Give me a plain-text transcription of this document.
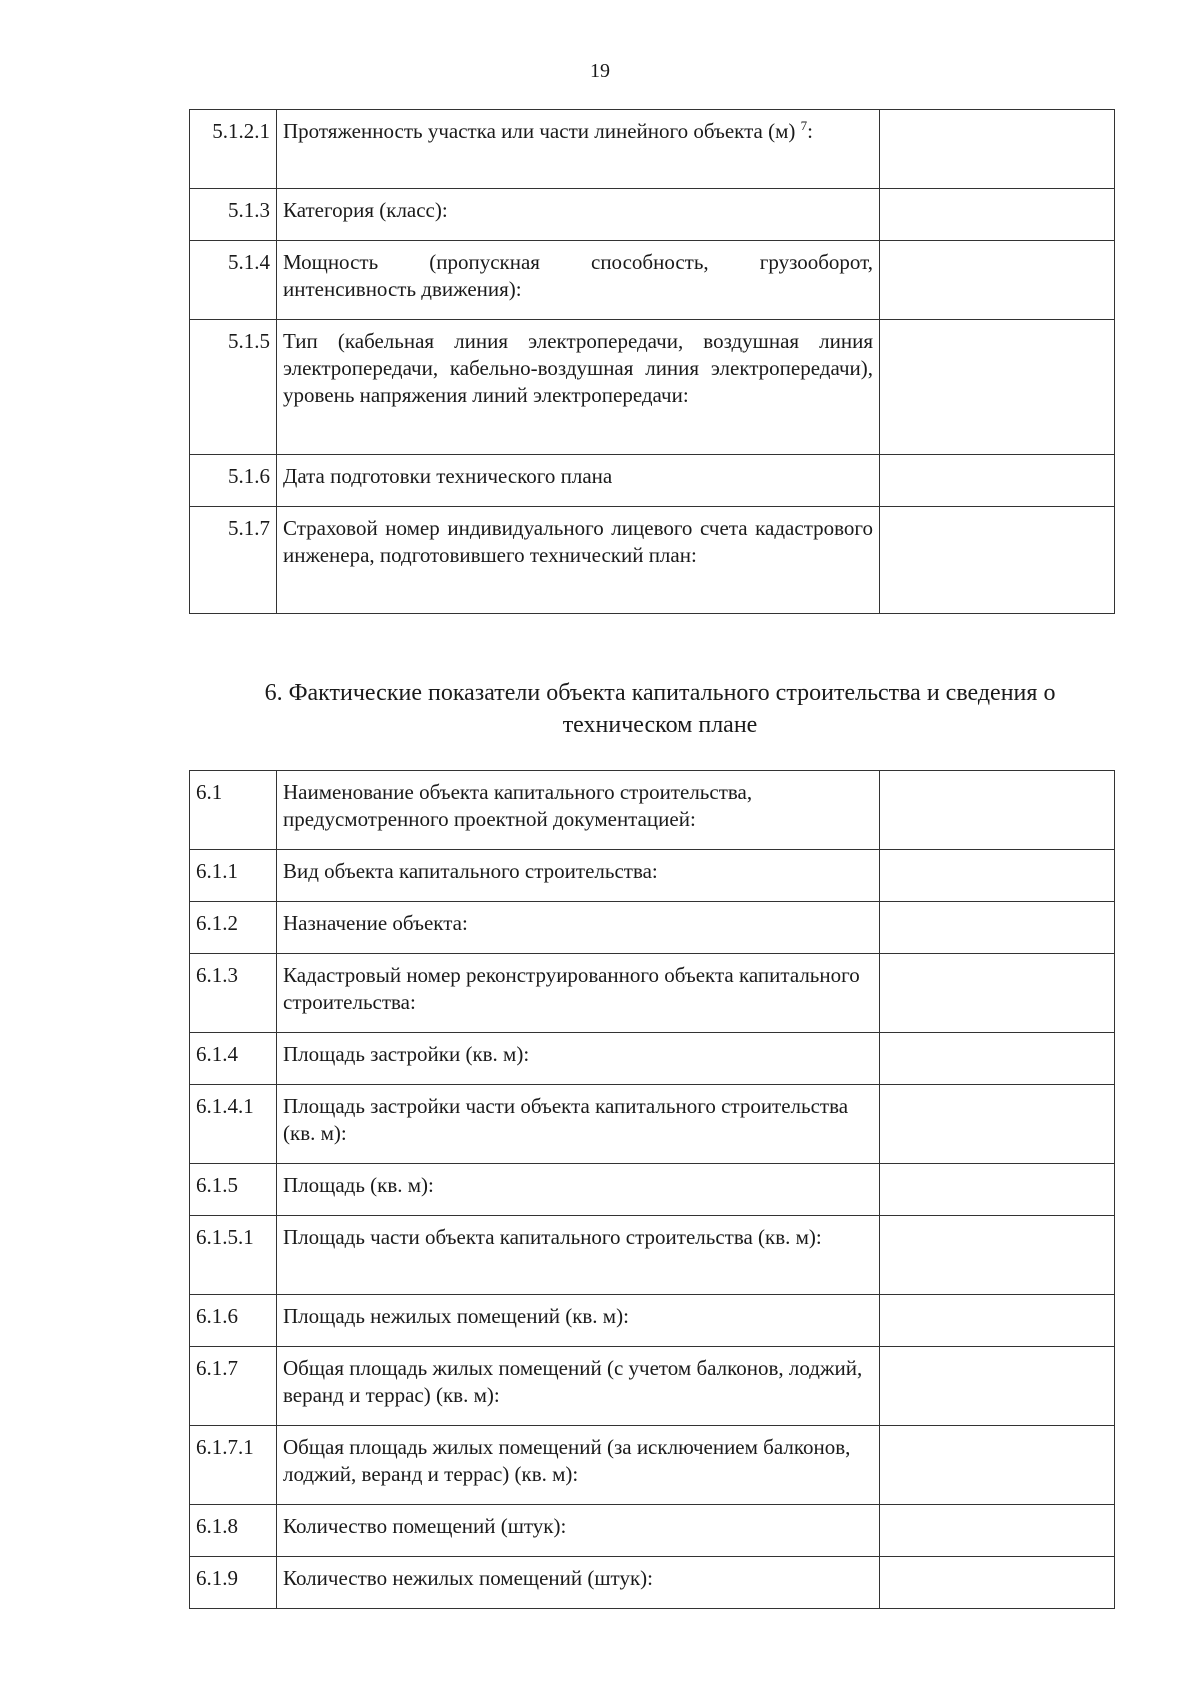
19
5.1.2.1	Протяженность участка или части линейного объекта (м) $^7$:	
5.1.3	Категория (класс):	
5.1.4	Мощность (пропускная способность, грузооборот, интенсивность движения):	
5.1.5	Тип (кабельная линия электропередачи, воздушная линия электропередачи, кабельно-воздушная линия электропередачи), уровень напряжения линий электропередачи:	
5.1.6	Дата подготовки технического плана	
5.1.7	Страховой номер индивидуального лицевого счета кадастрового инженера, подготовившего технический план:	
6. Фактические показатели объекта капитального строительства и сведения о техническом плане
6.1	Наименование объекта капитального строительства, предусмотренного проектной документацией:	
6.1.1	Вид объекта капитального строительства:	
6.1.2	Назначение объекта:	
6.1.3	Кадастровый номер реконструированного объекта капитального строительства:	
6.1.4	Площадь застройки (кв. м):	
6.1.4.1	Площадь застройки части объекта капитального строительства (кв. м):	
6.1.5	Площадь (кв. м):	
6.1.5.1	Площадь части объекта капитального строительства (кв. м):	
6.1.6	Площадь нежилых помещений (кв. м):	
6.1.7	Общая площадь жилых помещений (с учетом балконов, лоджий, веранд и террас) (кв. м):	
6.1.7.1	Общая площадь жилых помещений (за исключением балконов, лоджий, веранд и террас) (кв. м):	
6.1.8	Количество помещений (штук):	
6.1.9	Количество нежилых помещений (штук):	
